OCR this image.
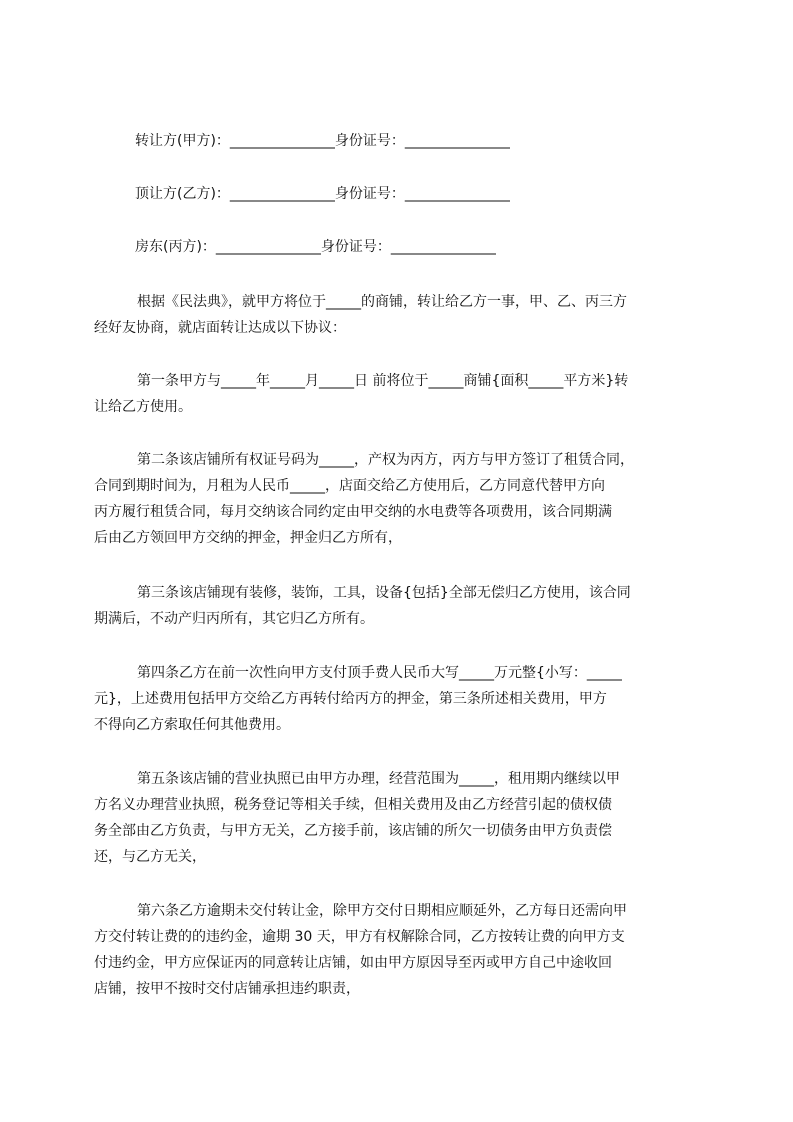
转让方(甲方)：_______________身份证号：_______________
顶让方(乙方)：_______________身份证号：_______________
房东(丙方)：_______________身份证号：_______________
根据《民法典》，就甲方将位于_____的商铺，转让给乙方一事，甲、乙、丙三方
经好友协商，就店面转让达成以下协议：
第一条甲方与_____年_____月_____日 前将位于_____商铺{面积_____平方米}转
让给乙方使用。
第二条该店铺所有权证号码为_____，产权为丙方，丙方与甲方签订了租赁合同，
合同到期时间为，月租为人民币_____，店面交给乙方使用后，乙方同意代替甲方向
丙方履行租赁合同，每月交纳该合同约定由甲交纳的水电费等各项费用，该合同期满
后由乙方领回甲方交纳的押金，押金归乙方所有，
第三条该店铺现有装修，装饰，工具，设备{包括}全部无偿归乙方使用，该合同
期满后，不动产归丙所有，其它归乙方所有。
第四条乙方在前一次性向甲方支付顶手费人民币大写_____万元整{小写：_____
元}，上述费用包括甲方交给乙方再转付给丙方的押金，第三条所述相关费用，甲方
不得向乙方索取任何其他费用。
第五条该店铺的营业执照已由甲方办理，经营范围为_____，租用期内继续以甲
方名义办理营业执照，税务登记等相关手续，但相关费用及由乙方经营引起的债权债
务全部由乙方负责，与甲方无关，乙方接手前，该店铺的所欠一切债务由甲方负责偿
还，与乙方无关，
第六条乙方逾期未交付转让金，除甲方交付日期相应顺延外，乙方每日还需向甲
方交付转让费的的违约金，逾期 30 天，甲方有权解除合同，乙方按转让费的向甲方支
付违约金，甲方应保证丙的同意转让店铺，如由甲方原因导至丙或甲方自己中途收回
店铺，按甲不按时交付店铺承担违约职责，
